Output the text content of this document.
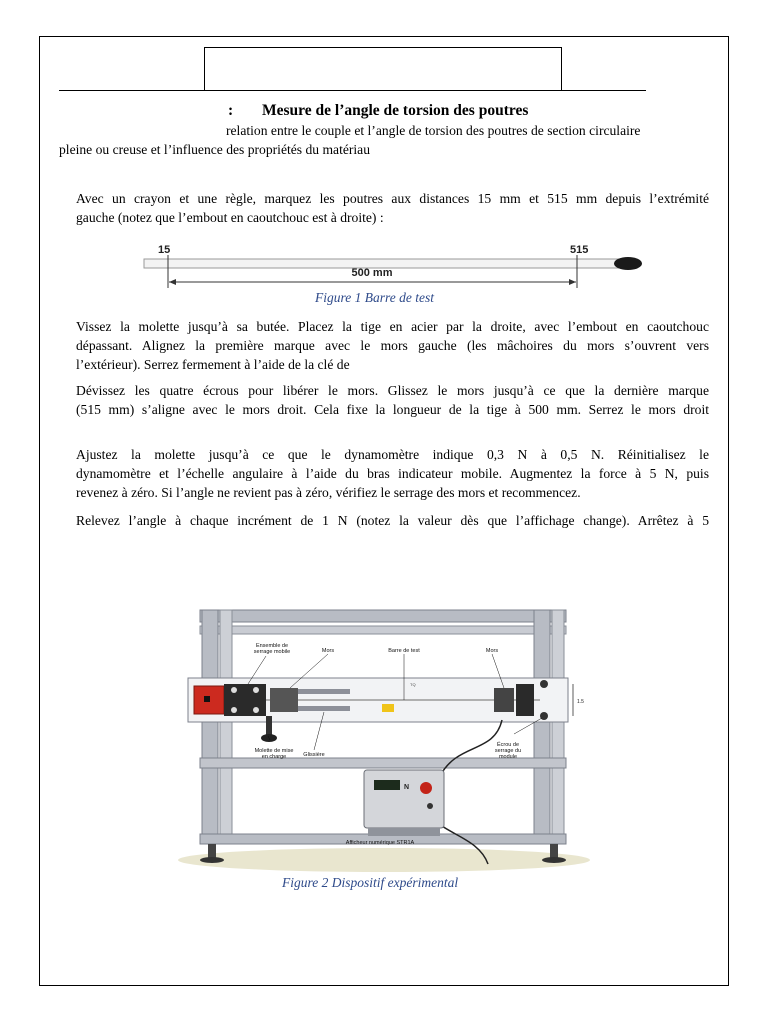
: Mesure de l’angle de torsion des poutres
relation entre le couple et l’angle de torsion des poutres de section circulaire
pleine ou creuse et l’influence des propriétés du matériau
Avec un crayon et une règle, marquez les poutres aux distances 15 mm et 515 mm depuis l’extrémité
gauche (notez que l’embout en caoutchouc est à droite) :
15	515
500 mm
Figure 1 Barre de test
Vissez la molette jusqu’à sa butée. Placez la tige en acier par la droite, avec l’embout en caoutchouc
dépassant. Alignez la première marque avec le mors gauche (les mâchoires du mors s’ouvrent vers
l’extérieur). Serrez fermement à l’aide de la clé de
Dévissez les quatre écrous pour libérer le mors. Glissez le mors jusqu’à ce que la dernière marque
(515 mm) s’aligne avec le mors droit. Cela fixe la longueur de la tige à 500 mm. Serrez le mors droit
Ajustez la molette jusqu’à ce que le dynamomètre indique 0,3 N à 0,5 N. Réinitialisez le
dynamomètre et l’échelle angulaire à l’aide du bras indicateur mobile. Augmentez la force à 5 N, puis
revenez à zéro. Si l’angle ne revient pas à zéro, vérifiez le serrage des mors et recommencez.
Relevez l’angle à chaque incrément de 1 N (notez la valeur dès que l’affichage change). Arrêtez à 5
TQ
1.5
N
Ensemble de serrage mobile	Mors	Barre de test	Mors
Molette de mise en charge	Glissière
Écrou de serrage du module
Afficheur numérique STR1A
Figure 2 Dispositif expérimental
